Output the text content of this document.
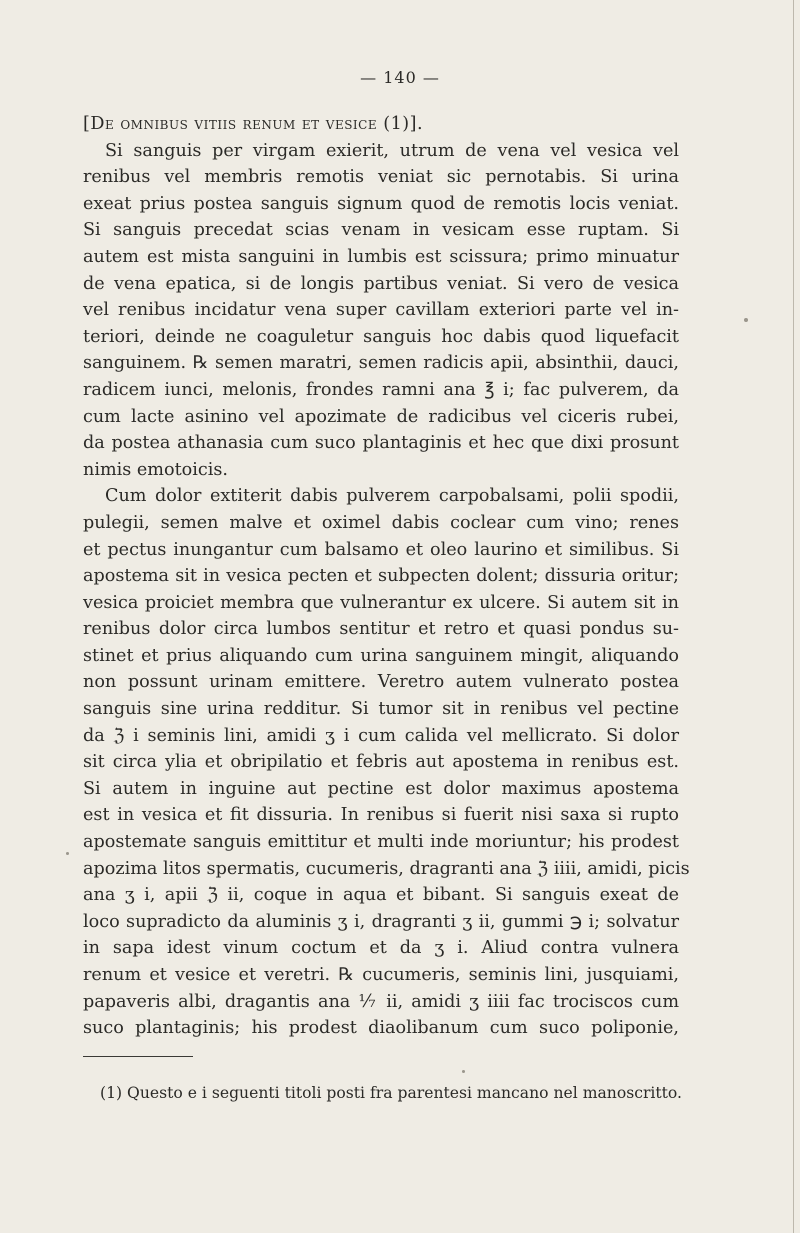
— 140 —
[De omnibus vitiis renum et vesice (1)].
Si sanguis per virgam exierit, utrum de vena vel vesica vel
renibus vel membris remotis veniat sic pernotabis. Si urina
exeat prius postea sanguis signum quod de remotis locis veniat.
Si sanguis precedat scias venam in vesicam esse ruptam. Si
autem est mista sanguini in lumbis est scissura; primo minuatur
de vena epatica, si de longis partibus veniat. Si vero de vesica
vel renibus incidatur vena super cavillam exteriori parte vel in-
teriori, deinde ne coaguletur sanguis hoc dabis quod liquefacit
sanguinem. ℞ semen maratri, semen radicis apii, absinthii, dauci,
radicem iunci, melonis, frondes ramni ana ℥ i; fac pulverem, da
cum lacte asinino vel apozimate de radicibus vel ciceris rubei,
da postea athanasia cum suco plantaginis et hec que dixi prosunt
nimis emotoicis.
Cum dolor extiterit dabis pulverem carpobalsami, polii spodii,
pulegii, semen malve et oximel dabis coclear cum vino; renes
et pectus inungantur cum balsamo et oleo laurino et similibus. Si
apostema sit in vesica pecten et subpecten dolent; dissuria oritur;
vesica proiciet membra que vulnerantur ex ulcere. Si autem sit in
renibus dolor circa lumbos sentitur et retro et quasi pondus su-
stinet et prius aliquando cum urina sanguinem mingit, aliquando
non possunt urinam emittere. Veretro autem vulnerato postea
sanguis sine urina redditur. Si tumor sit in renibus vel pectine
da ℨ i seminis lini, amidi ʒ i cum calida vel mellicrato. Si dolor
sit circa ylia et obripilatio et febris aut apostema in renibus est.
Si autem in inguine aut pectine est dolor maximus apostema
est in vesica et fit dissuria. In renibus si fuerit nisi saxa si rupto
apostemate sanguis emittitur et multi inde moriuntur; his prodest
apozima litos spermatis, cucumeris, dragranti ana ℨ iiii, amidi, picis
ana ʒ i, apii ℨ ii, coque in aqua et bibant. Si sanguis exeat de
loco supradicto da aluminis ʒ i, dragranti ʒ ii, gummi ℈ i; solvatur
in sapa idest vinum coctum et da ʒ i. Aliud contra vulnera
renum et vesice et veretri. ℞ cucumeris, seminis lini, jusquiami,
papaveris albi, dragantis ana ⅐ ii, amidi ʒ iiii fac trociscos cum
suco plantaginis; his prodest diaolibanum cum suco poliponie,
(1) Questo e i seguenti titoli posti fra parentesi mancano nel manoscritto.
